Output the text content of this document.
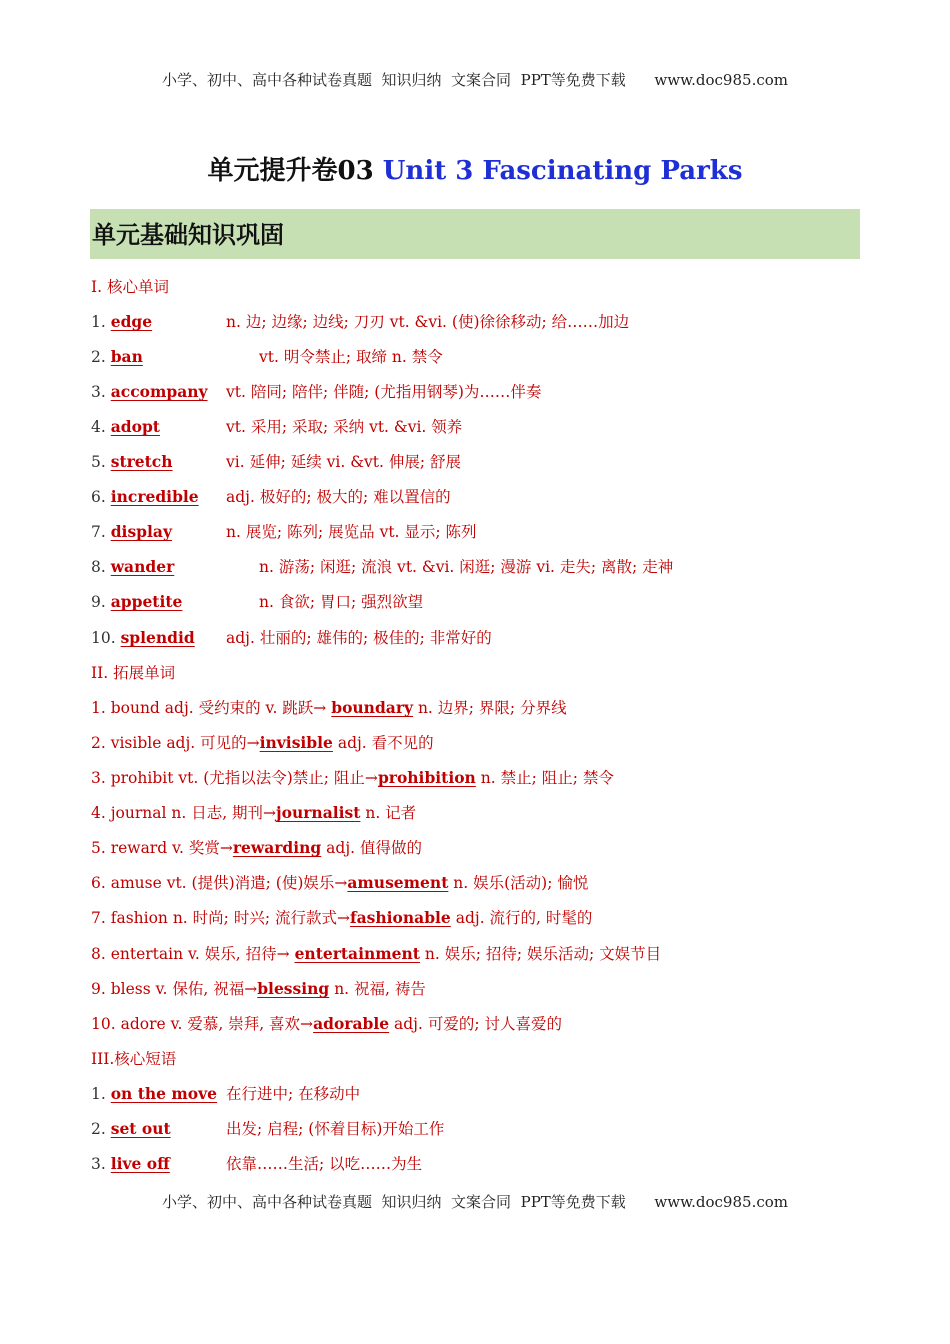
小学、初中、高中各种试卷真题  知识归纳  文案合同  PPT等免费下载      www.doc985.com
单元提升卷03 Unit 3 Fascinating Parks
单元基础知识巩固
I. 核心单词
1. edge	n. 边; 边缘; 边线; 刀刃 vt. &vi. (使)徐徐移动; 给……加边
2. ban	vt. 明令禁止; 取缔 n. 禁令
3. accompany vt. 陪同; 陪伴; 伴随; (尤指用钢琴)为……伴奏
4. adopt	vt. 采用; 采取; 采纳 vt. &vi. 领养
5. stretch	vi. 延伸; 延续 vi. &vt. 伸展; 舒展
6. incredible adj. 极好的; 极大的; 难以置信的
7. display	n. 展览; 陈列; 展览品 vt. 显示; 陈列
8. wander	n. 游荡; 闲逛; 流浪 vt. &vi. 闲逛; 漫游 vi. 走失; 离散; 走神
9. appetite	n. 食欲; 胃口; 强烈欲望
10. splendid adj. 壮丽的; 雄伟的; 极佳的; 非常好的
II. 拓展单词
1. bound adj. 受约束的 v. 跳跃→ boundary n. 边界; 界限; 分界线
2. visible adj. 可见的→invisible adj. 看不见的
3. prohibit vt. (尤指以法令)禁止; 阻止→prohibition n. 禁止; 阻止; 禁令
4. journal n. 日志, 期刊→journalist n. 记者
5. reward v. 奖赏→rewarding adj. 值得做的
6. amuse vt. (提供)消遣; (使)娱乐→amusement n. 娱乐(活动); 愉悦
7. fashion n. 时尚; 时兴; 流行款式→fashionable adj. 流行的, 时髦的
8. entertain v. 娱乐, 招待→ entertainment n. 娱乐; 招待; 娱乐活动; 文娱节目
9. bless v. 保佑, 祝福→blessing n. 祝福, 祷告
10. adore v. 爱慕, 崇拜, 喜欢→adorable adj. 可爱的; 讨人喜爱的
III.核心短语
1. on the move 在行进中; 在移动中
2. set out	出发; 启程; (怀着目标)开始工作
3. live off	依靠……生活; 以吃……为生
小学、初中、高中各种试卷真题  知识归纳  文案合同  PPT等免费下载      www.doc985.com
